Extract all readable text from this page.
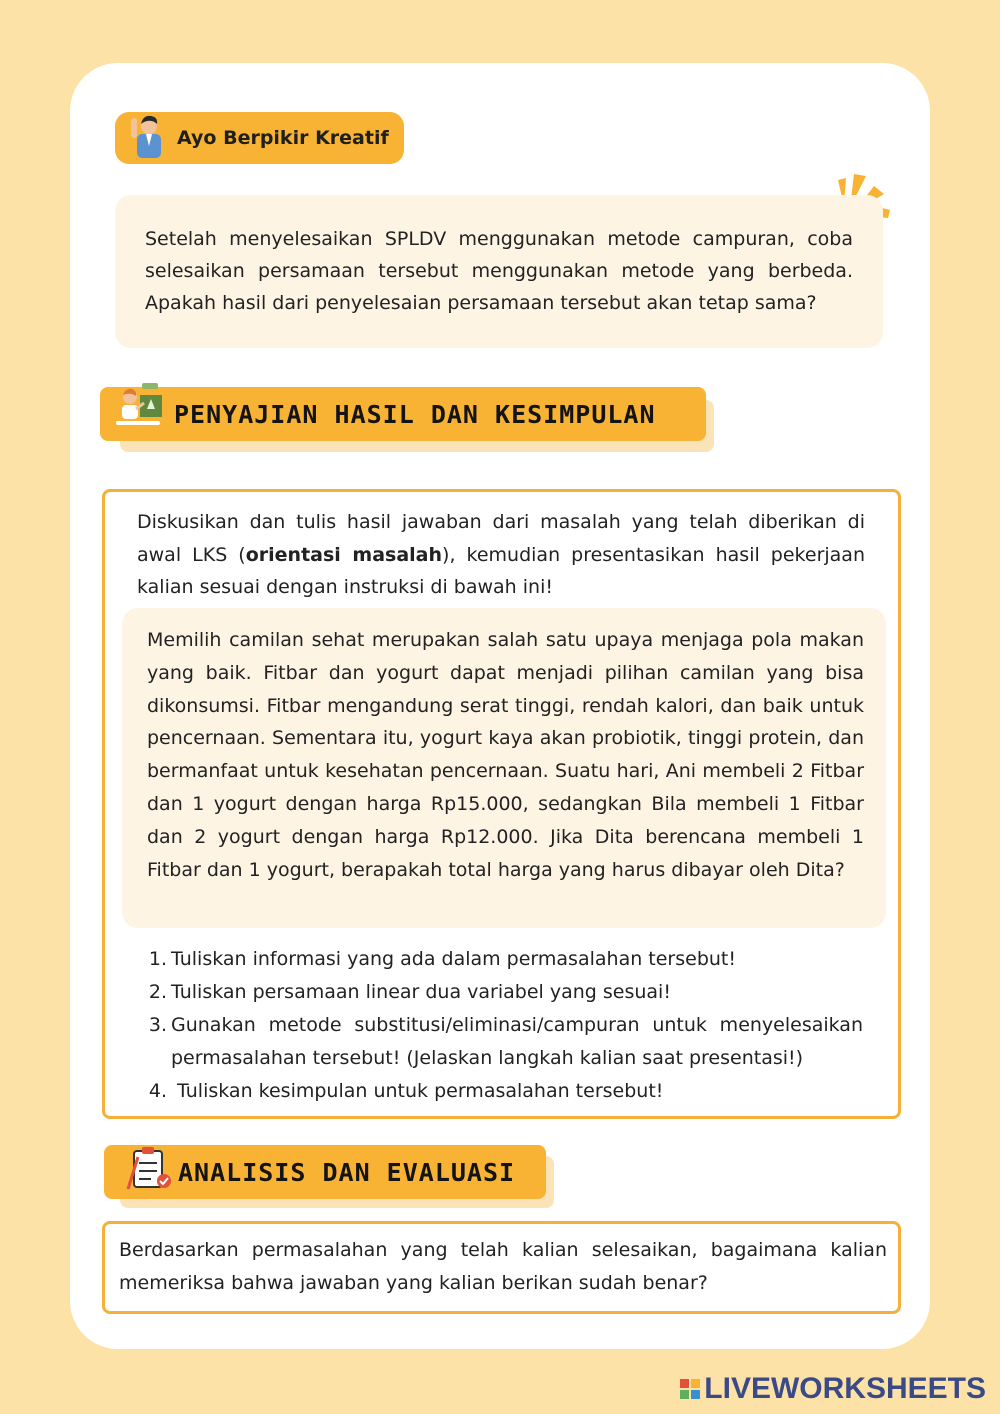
Ayo Berpikir Kreatif

Setelah menyelesaikan SPLDV menggunakan metode campuran, coba selesaikan persamaan tersebut menggunakan metode yang berbeda. Apakah hasil dari penyelesaian persamaan tersebut akan tetap sama?

PENYAJIAN HASIL DAN KESIMPULAN

Diskusikan dan tulis hasil jawaban dari masalah yang telah diberikan di awal LKS (orientasi masalah), kemudian presentasikan hasil pekerjaan kalian sesuai dengan instruksi di bawah ini!

Memilih camilan sehat merupakan salah satu upaya menjaga pola makan yang baik. Fitbar dan yogurt dapat menjadi pilihan camilan yang bisa dikonsumsi. Fitbar mengandung serat tinggi, rendah kalori, dan baik untuk pencernaan. Sementara itu, yogurt kaya akan probiotik, tinggi protein, dan bermanfaat untuk kesehatan pencernaan. Suatu hari, Ani membeli 2 Fitbar dan 1 yogurt dengan harga Rp15.000, sedangkan Bila membeli 1 Fitbar dan 2 yogurt dengan harga Rp12.000. Jika Dita berencana membeli 1 Fitbar dan 1 yogurt, berapakah total harga yang harus dibayar oleh Dita?

1. Tuliskan informasi yang ada dalam permasalahan tersebut!
2. Tuliskan persamaan linear dua variabel yang sesuai!
3. Gunakan metode substitusi/eliminasi/campuran untuk menyelesaikan permasalahan tersebut! (Jelaskan langkah kalian saat presentasi!)
4. Tuliskan kesimpulan untuk permasalahan tersebut!
ANALISIS DAN EVALUASI

Berdasarkan permasalahan yang telah kalian selesaikan, bagaimana kalian memeriksa bahwa jawaban yang kalian berikan sudah benar?

LIVEWORKSHEETS
